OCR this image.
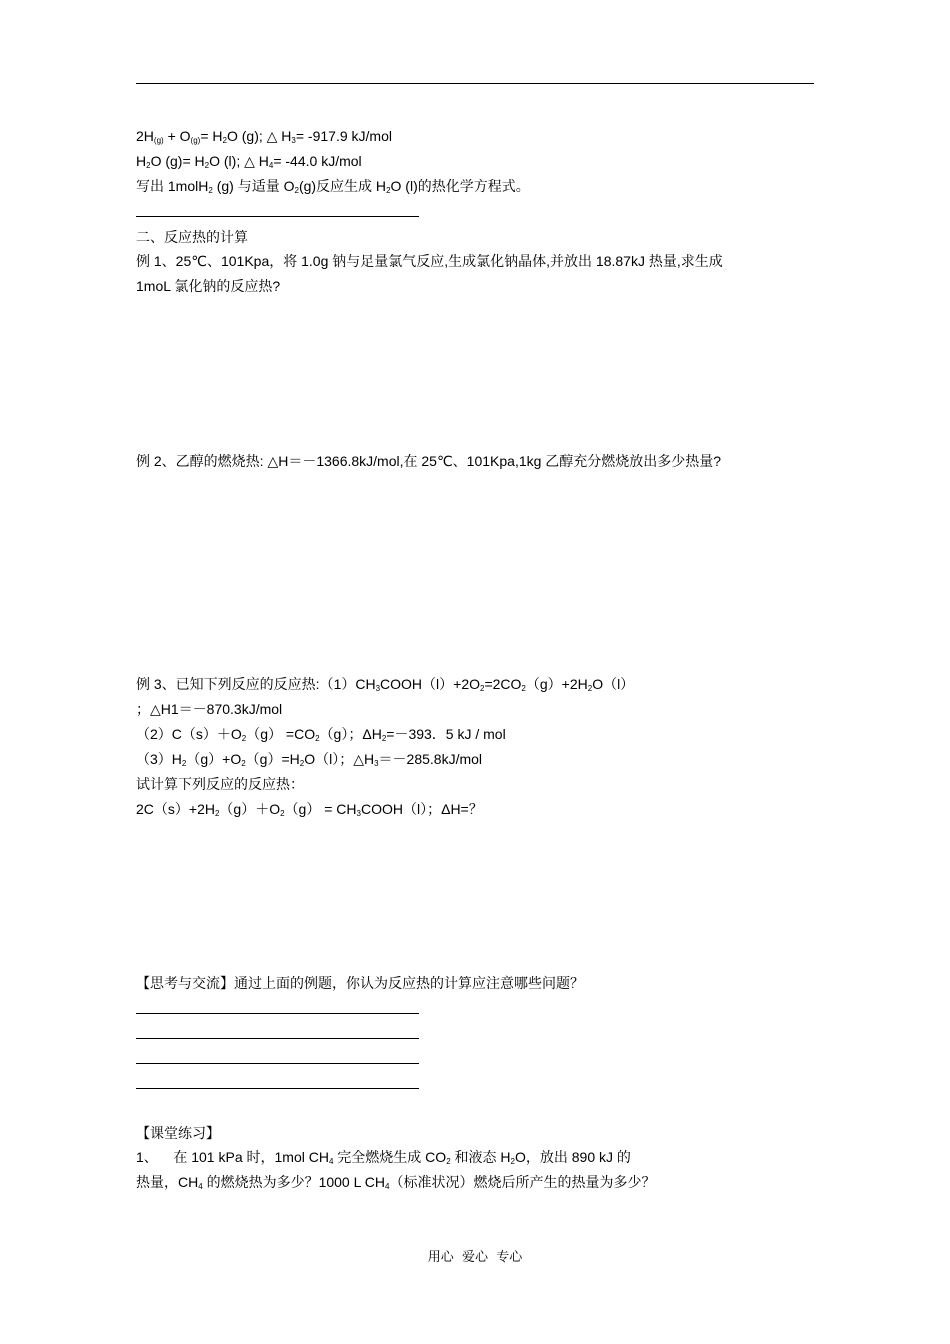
$2H_{(g)} + O_{(g)}= H_2O$ (g); △ $H_3= -917.9$ kJ/mol
$H_2O$ $(g)= H_2O$ (l); △ $H_4= -44.0$ kJ/mol
写出 1molH$_2$ (g) 与适量 $O_2(g)$反应生成 $H_2O$ (l)的热化学方程式。
二、反应热的计算
例 1、25℃、101Kpa，将 1.0g 钠与足量氯气反应,生成氯化钠晶体,并放出 18.87kJ 热量,求生成
1moL 氯化钠的反应热?
例 2、乙醇的燃烧热: △H＝－1366.8kJ/mol,在 25℃、101Kpa,1kg 乙醇充分燃烧放出多少热量?
例 3、已知下列反应的反应热$:(1)CH_3COOH(l)+2O_2=2CO_2(g)+2H_2O(l)$
；△H1＝－870.3kJ/mol
$(2)C(s)+O_2(g) =CO_2(g)$；$\Delta H_2=-393$．5 kJ / mol
$(3)H_2(g)+O_2(g)=H_2O(l)$；$\triangle H_3=-285.8kJ$/mol
试计算下列反应的反应热：
$2C(s)+2H_2(g)+O_2(g)$ = $CH_3COOH(l)$；ΔH=？
【思考与交流】通过上面的例题，你认为反应热的计算应注意哪些问题？
【课堂练习】
1、    在 101 kPa 时，1mol $CH_4$ 完全燃烧生成 $CO_2$ 和液态 $H_2O$，放出 890 kJ 的
热量，$CH_4$ 的燃烧热为多少？1000 L $CH_4$（标准状况）燃烧后所产生的热量为多少？
用心  爱心  专心
